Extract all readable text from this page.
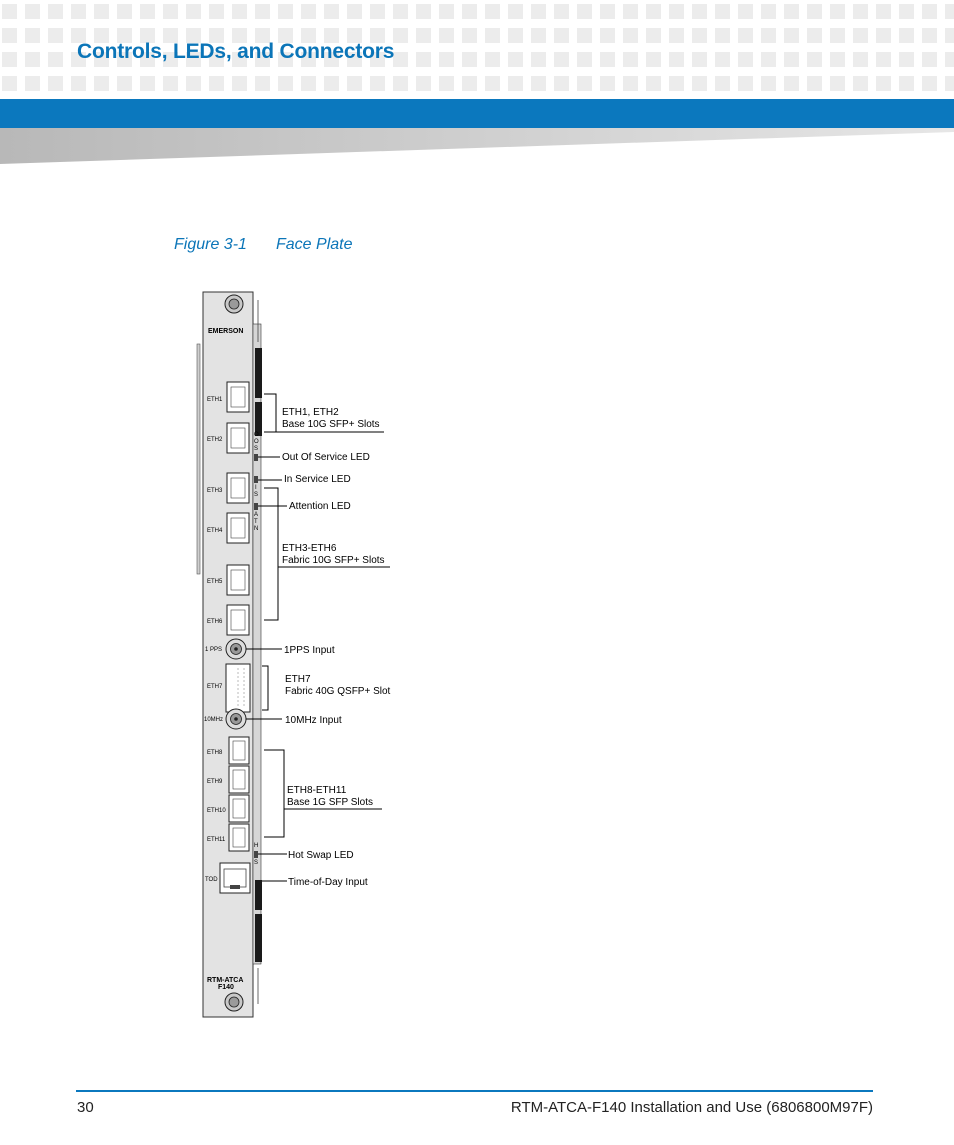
Controls, LEDs, and Connectors
Figure 3-1 Face Plate
EMERSON
ETH1
ETH2
ETH3
ETH4
ETH5
ETH6
1 PPS
ETH7
10MHz
ETH8
ETH9
ETH10
ETH11
TOD
O
O
S
I
S
A
T
N
H
S
RTM-ATCA
F140
ETH1, ETH2
Base 10G SFP+ Slots
Out Of Service LED
In Service LED
Attention LED
ETH3-ETH6
Fabric 10G SFP+ Slots
1PPS Input
ETH7
Fabric 40G QSFP+ Slot
10MHz Input
ETH8-ETH11
Base 1G SFP Slots
Hot Swap LED
Time-of-Day Input
30	RTM-ATCA-F140 Installation and Use (6806800M97F)
